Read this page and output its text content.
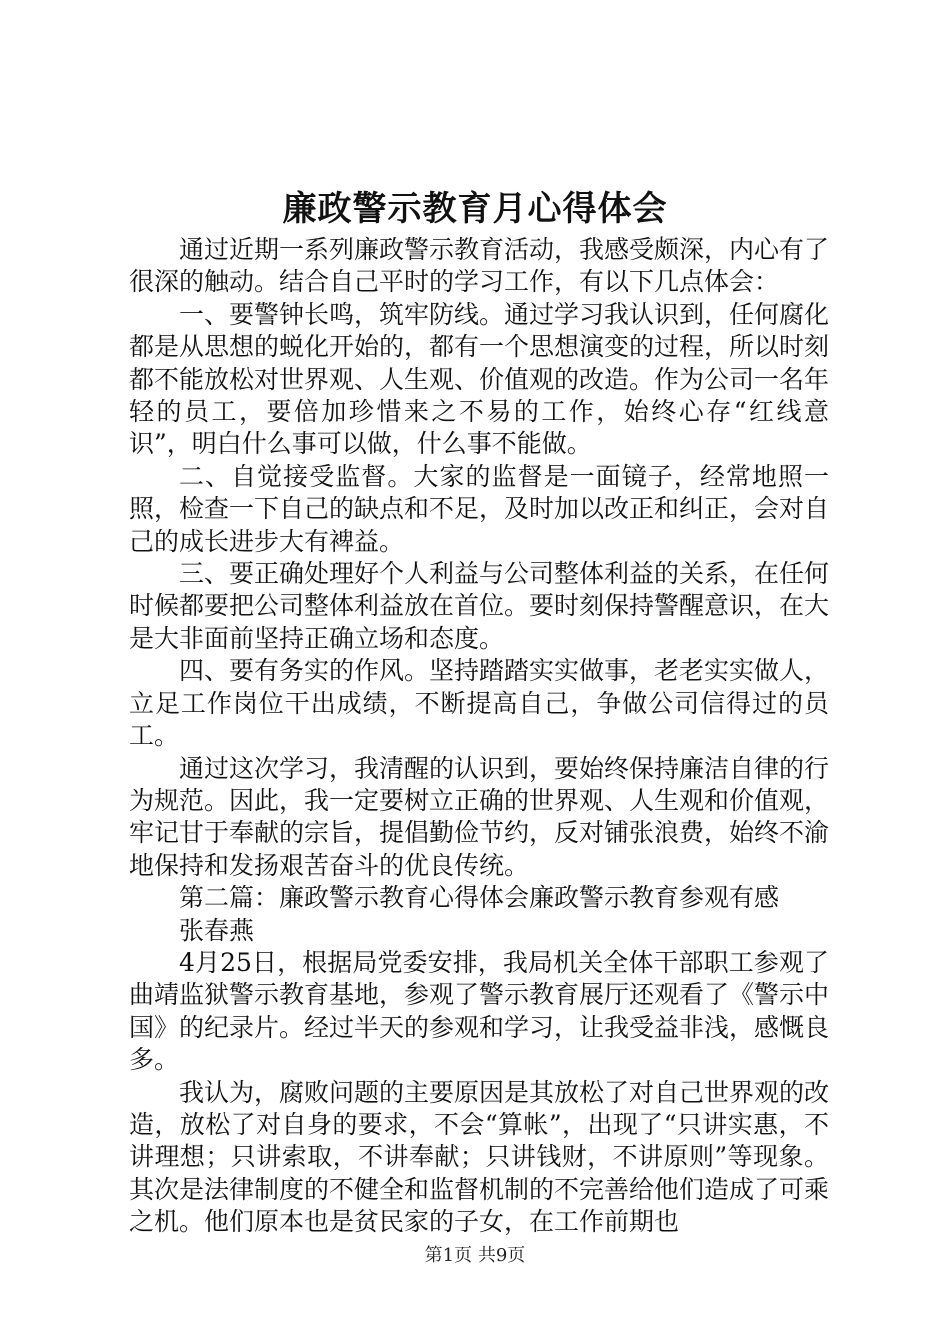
廉政警示教育月心得体会

通过近期一系列廉政警示教育活动，我感受颇深，内心有了很深的触动。结合自己平时的学习工作，有以下几点体会：

一、要警钟长鸣，筑牢防线。通过学习我认识到，任何腐化都是从思想的蜕化开始的，都有一个思想演变的过程，所以时刻都不能放松对世界观、人生观、价值观的改造。作为公司一名年轻的员工，要倍加珍惜来之不易的工作，始终心存“红线意识”，明白什么事可以做，什么事不能做。

二、自觉接受监督。大家的监督是一面镜子，经常地照一照，检查一下自己的缺点和不足，及时加以改正和纠正，会对自己的成长进步大有裨益。

三、要正确处理好个人利益与公司整体利益的关系，在任何时候都要把公司整体利益放在首位。要时刻保持警醒意识，在大是大非面前坚持正确立场和态度。

四、要有务实的作风。坚持踏踏实实做事，老老实实做人，立足工作岗位干出成绩，不断提高自己，争做公司信得过的员工。

通过这次学习，我清醒的认识到，要始终保持廉洁自律的行为规范。因此，我一定要树立正确的世界观、人生观和价值观，牢记甘于奉献的宗旨，提倡勤俭节约，反对铺张浪费，始终不渝地保持和发扬艰苦奋斗的优良传统。

第二篇：廉政警示教育心得体会廉政警示教育参观有感

张春燕

4月25日，根据局党委安排，我局机关全体干部职工参观了曲靖监狱警示教育基地，参观了警示教育展厅还观看了《警示中国》的纪录片。经过半天的参观和学习，让我受益非浅，感慨良多。

我认为，腐败问题的主要原因是其放松了对自己世界观的改造，放松了对自身的要求，不会“算帐”，出现了“只讲实惠，不讲理想；只讲索取，不讲奉献；只讲钱财，不讲原则”等现象。其次是法律制度的不健全和监督机制的不完善给他们造成了可乘之机。他们原本也是贫民家的子女，在工作前期也

第1页 共9页
